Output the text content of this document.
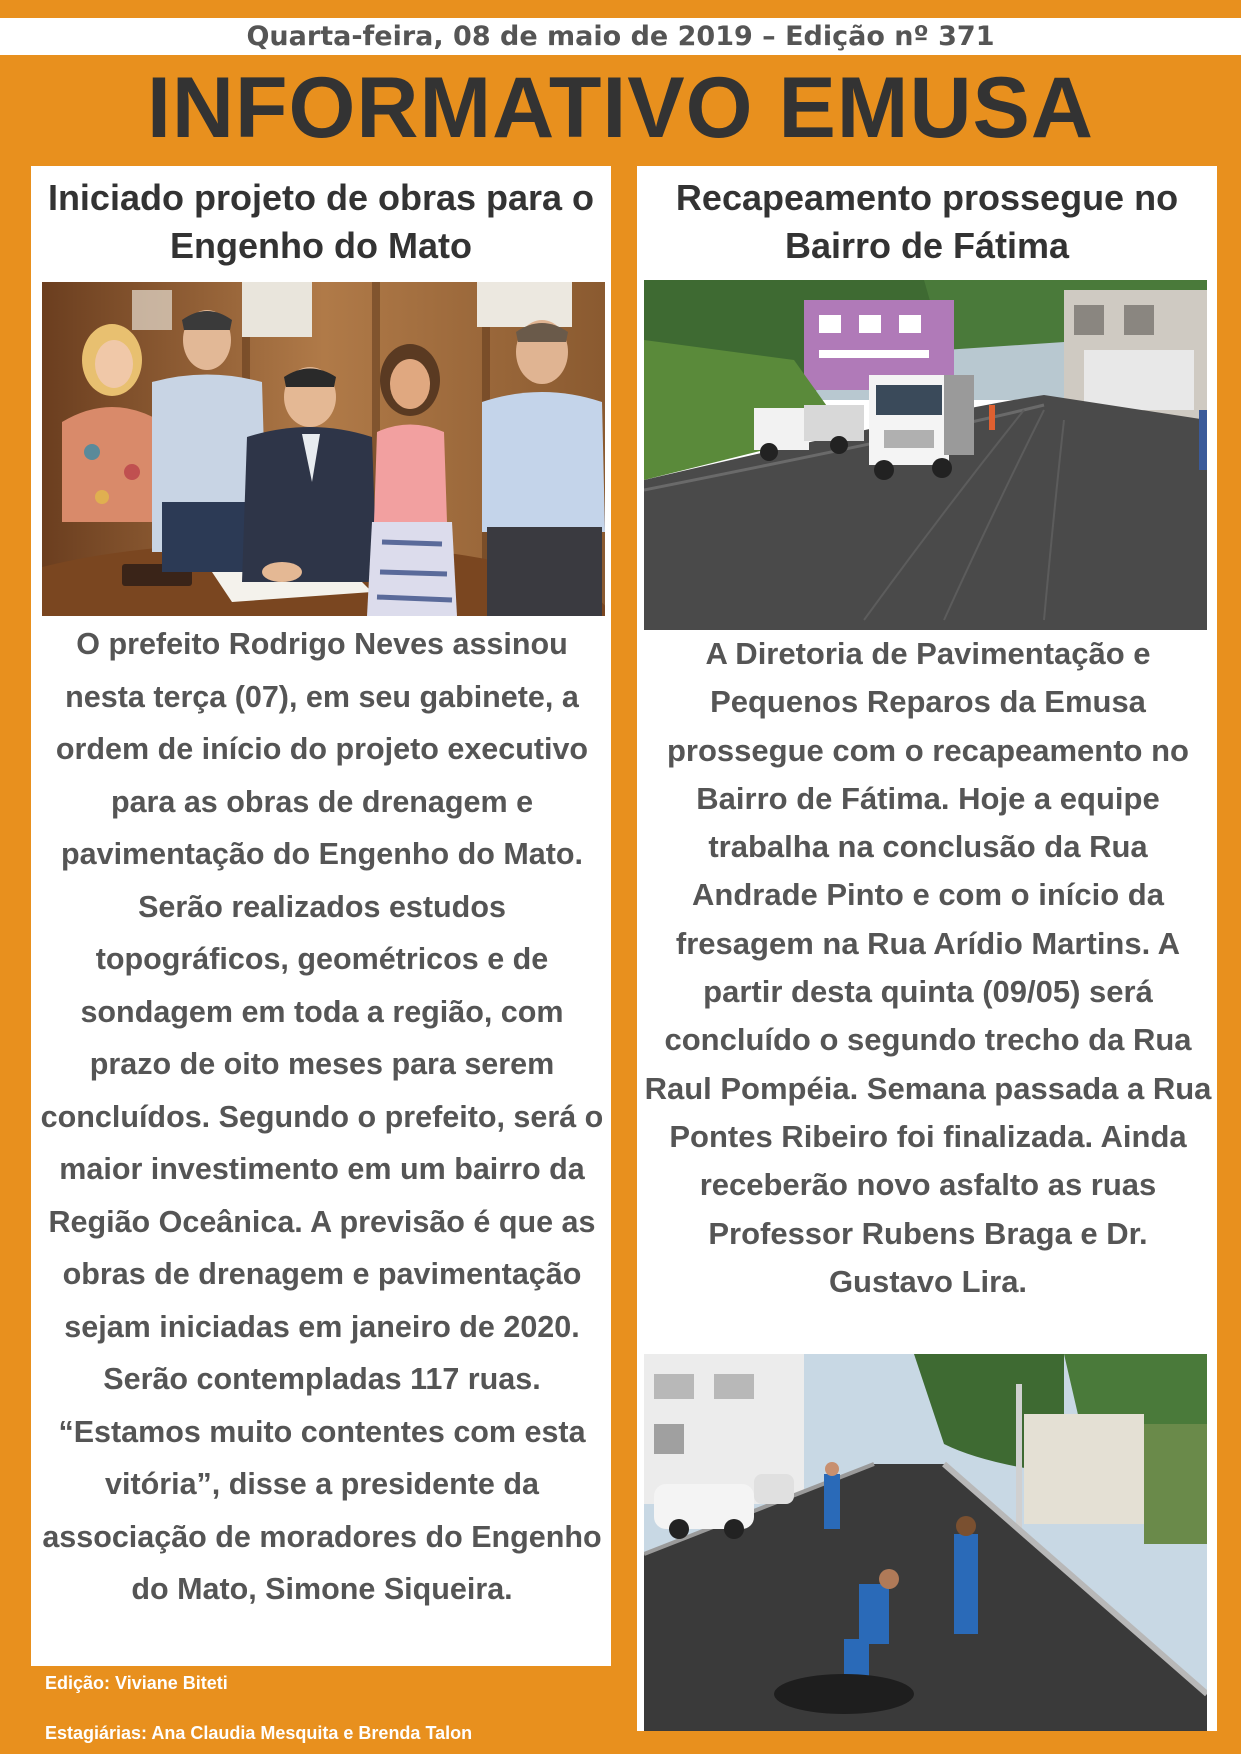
Quarta-feira, 08 de maio de 2019 – Edição nº 371
INFORMATIVO EMUSA
Iniciado projeto de obras para o Engenho do Mato
O prefeito Rodrigo Neves assinou nesta terça (07), em seu gabinete, a ordem de início do projeto executivo para as obras de drenagem e pavimentação do Engenho do Mato. Serão realizados estudos topográficos, geométricos e de sondagem em toda a região, com prazo de oito meses para serem concluídos. Segundo o prefeito, será o maior investimento em um bairro da Região Oceânica. A previsão é que as obras de drenagem e pavimentação sejam iniciadas em janeiro de 2020. Serão contempladas 117 ruas. “Estamos muito contentes com esta vitória”, disse a presidente da associação de moradores do Engenho do Mato, Simone Siqueira.
Recapeamento prossegue no Bairro de Fátima
A Diretoria de Pavimentação e Pequenos Reparos da Emusa prossegue com o recapeamento no Bairro de Fátima. Hoje a equipe trabalha na conclusão da Rua Andrade Pinto e com o início da fresagem na Rua Arídio Martins. A partir desta quinta (09/05) será concluído o segundo trecho da Rua Raul Pompéia. Semana passada a Rua Pontes Ribeiro foi finalizada. Ainda receberão novo asfalto as ruas Professor Rubens Braga e Dr. Gustavo Lira.
Edição: Viviane Biteti
Estagiárias: Ana Claudia Mesquita e Brenda Talon
